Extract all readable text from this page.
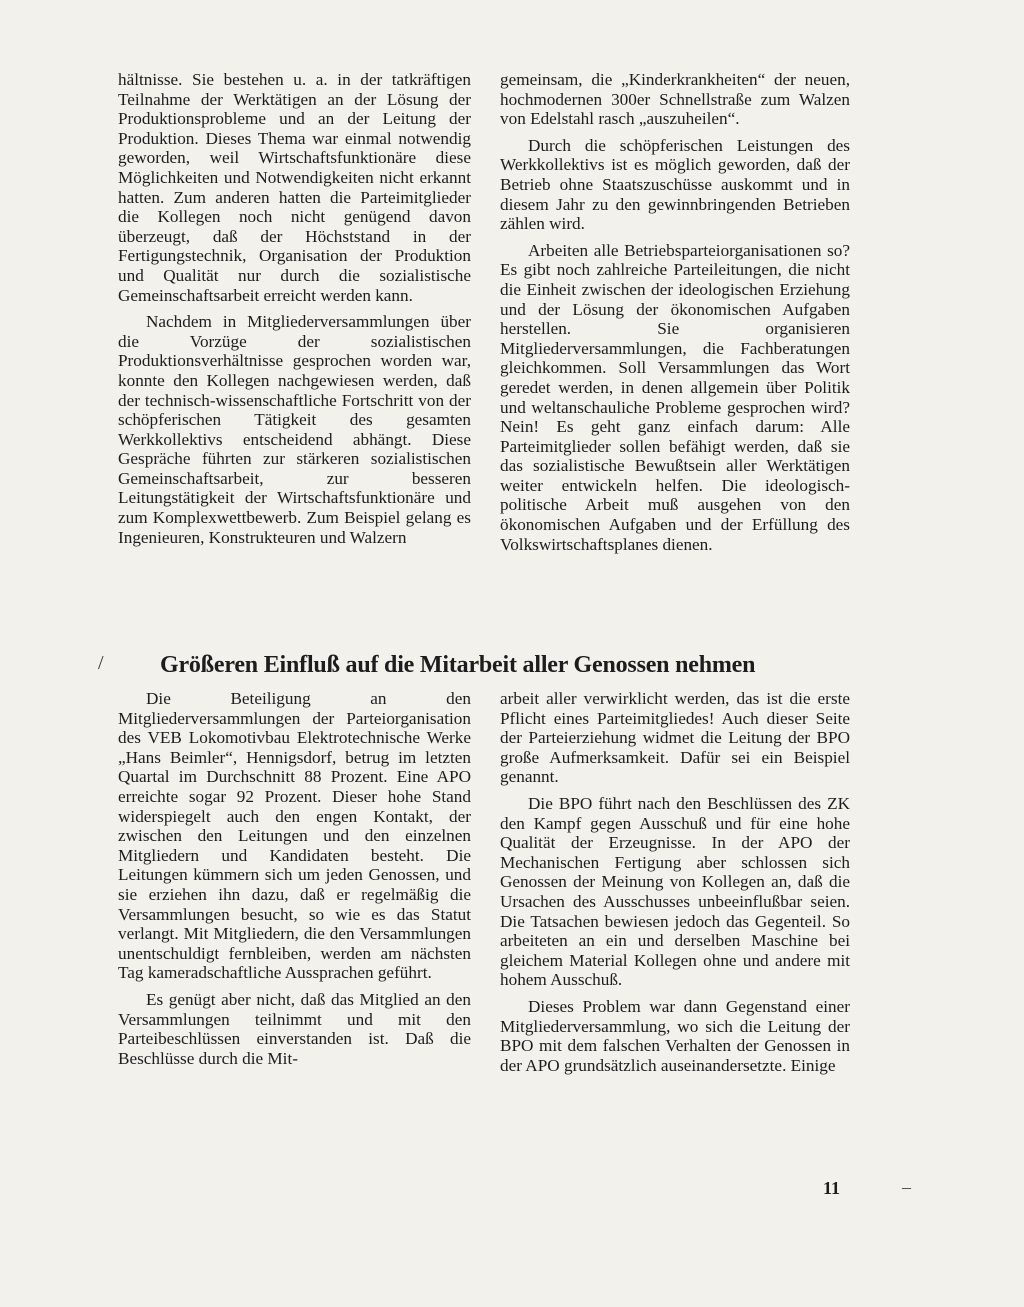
hältnisse. Sie bestehen u. a. in der tatkräftigen Teilnahme der Werktätigen an der Lösung der Produktionsprobleme und an der Leitung der Produktion. Dieses Thema war einmal notwendig geworden, weil Wirtschaftsfunktionäre diese Möglichkeiten und Notwendigkeiten nicht erkannt hatten. Zum anderen hatten die Parteimitglieder die Kollegen noch nicht genügend davon überzeugt, daß der Höchststand in der Fertigungstechnik, Organisation der Produktion und Qualität nur durch die sozialistische Gemeinschaftsarbeit erreicht werden kann.

Nachdem in Mitgliederversammlungen über die Vorzüge der sozialistischen Produktionsverhältnisse gesprochen worden war, konnte den Kollegen nachgewiesen werden, daß der technisch-wissenschaftliche Fortschritt von der schöpferischen Tätigkeit des gesamten Werkkollektivs entscheidend abhängt. Diese Gespräche führten zur stärkeren sozialistischen Gemeinschaftsarbeit, zur besseren Leitungstätigkeit der Wirtschaftsfunktionäre und zum Komplexwettbewerb. Zum Beispiel gelang es Ingenieuren, Konstrukteuren und Walzern

gemeinsam, die „Kinderkrankheiten“ der neuen, hochmodernen 300er Schnellstraße zum Walzen von Edelstahl rasch „auszuheilen“.

Durch die schöpferischen Leistungen des Werkkollektivs ist es möglich geworden, daß der Betrieb ohne Staatszuschüsse auskommt und in diesem Jahr zu den gewinnbringenden Betrieben zählen wird.

Arbeiten alle Betriebsparteiorganisationen so? Es gibt noch zahlreiche Parteileitungen, die nicht die Einheit zwischen der ideologischen Erziehung und der Lösung der ökonomischen Aufgaben herstellen. Sie organisieren Mitgliederversammlungen, die Fachberatungen gleichkommen. Soll Versammlungen das Wort geredet werden, in denen allgemein über Politik und weltanschauliche Probleme gesprochen wird? Nein! Es geht ganz einfach darum: Alle Parteimitglieder sollen befähigt werden, daß sie das sozialistische Bewußtsein aller Werktätigen weiter entwickeln helfen. Die ideologisch-politische Arbeit muß ausgehen von den ökonomischen Aufgaben und der Erfüllung des Volkswirtschaftsplanes dienen.

/ Größeren Einfluß auf die Mitarbeit aller Genossen nehmen

Die Beteiligung an den Mitgliederversammlungen der Parteiorganisation des VEB Lokomotivbau Elektrotechnische Werke „Hans Beimler“, Hennigsdorf, betrug im letzten Quartal im Durchschnitt 88 Prozent. Eine APO erreichte sogar 92 Prozent. Dieser hohe Stand widerspiegelt auch den engen Kontakt, der zwischen den Leitungen und den einzelnen Mitgliedern und Kandidaten besteht. Die Leitungen kümmern sich um jeden Genossen, und sie erziehen ihn dazu, daß er regelmäßig die Versammlungen besucht, so wie es das Statut verlangt. Mit Mitgliedern, die den Versammlungen unentschuldigt fernbleiben, werden am nächsten Tag kameradschaftliche Aussprachen geführt.

Es genügt aber nicht, daß das Mitglied an den Versammlungen teilnimmt und mit den Parteibeschlüssen einverstanden ist. Daß die Beschlüsse durch die Mit-

arbeit aller verwirklicht werden, das ist die erste Pflicht eines Parteimitgliedes! Auch dieser Seite der Parteierziehung widmet die Leitung der BPO große Aufmerksamkeit. Dafür sei ein Beispiel genannt.

Die BPO führt nach den Beschlüssen des ZK den Kampf gegen Ausschuß und für eine hohe Qualität der Erzeugnisse. In der APO der Mechanischen Fertigung aber schlossen sich Genossen der Meinung von Kollegen an, daß die Ursachen des Ausschusses unbeeinflußbar seien. Die Tatsachen bewiesen jedoch das Gegenteil. So arbeiteten an ein und derselben Maschine bei gleichem Material Kollegen ohne und andere mit hohem Ausschuß.

Dieses Problem war dann Gegenstand einer Mitgliederversammlung, wo sich die Leitung der BPO mit dem falschen Verhalten der Genossen in der APO grundsätzlich auseinandersetzte. Einige

11	–
